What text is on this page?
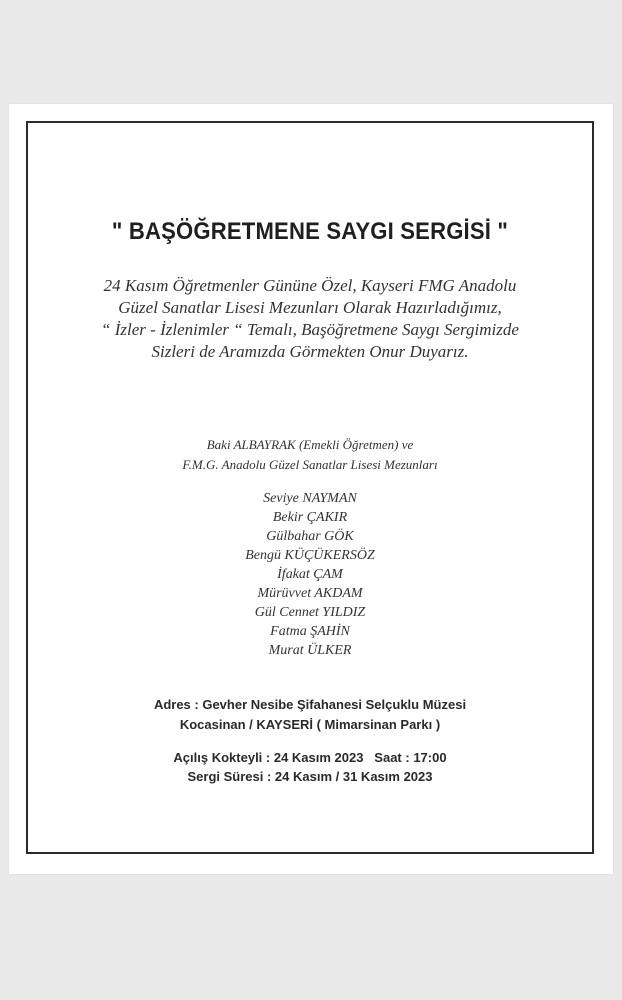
" BAŞÖĞRETMENE SAYGI SERGİSİ "
24 Kasım Öğretmenler Gününe Özel, Kayseri FMG Anadolu
Güzel Sanatlar Lisesi Mezunları Olarak Hazırladığımız,
“ İzler - İzlenimler “ Temalı, Başöğretmene Saygı Sergimizde
Sizleri de Aramızda Görmekten Onur Duyarız.
Baki ALBAYRAK (Emekli Öğretmen) ve
F.M.G. Anadolu Güzel Sanatlar Lisesi Mezunları
Seviye NAYMAN
Bekir ÇAKIR
Gülbahar GÖK
Bengü KÜÇÜKERSÖZ
İfakat ÇAM
Mürüvvet AKDAM
Gül Cennet YILDIZ
Fatma ŞAHİN
Murat ÜLKER
Adres : Gevher Nesibe Şifahanesi Selçuklu Müzesi
Kocasinan / KAYSERİ ( Mimarsinan Parkı )
Açılış Kokteyli : 24 Kasım 2023   Saat : 17:00
Sergi Süresi : 24 Kasım / 31 Kasım 2023
